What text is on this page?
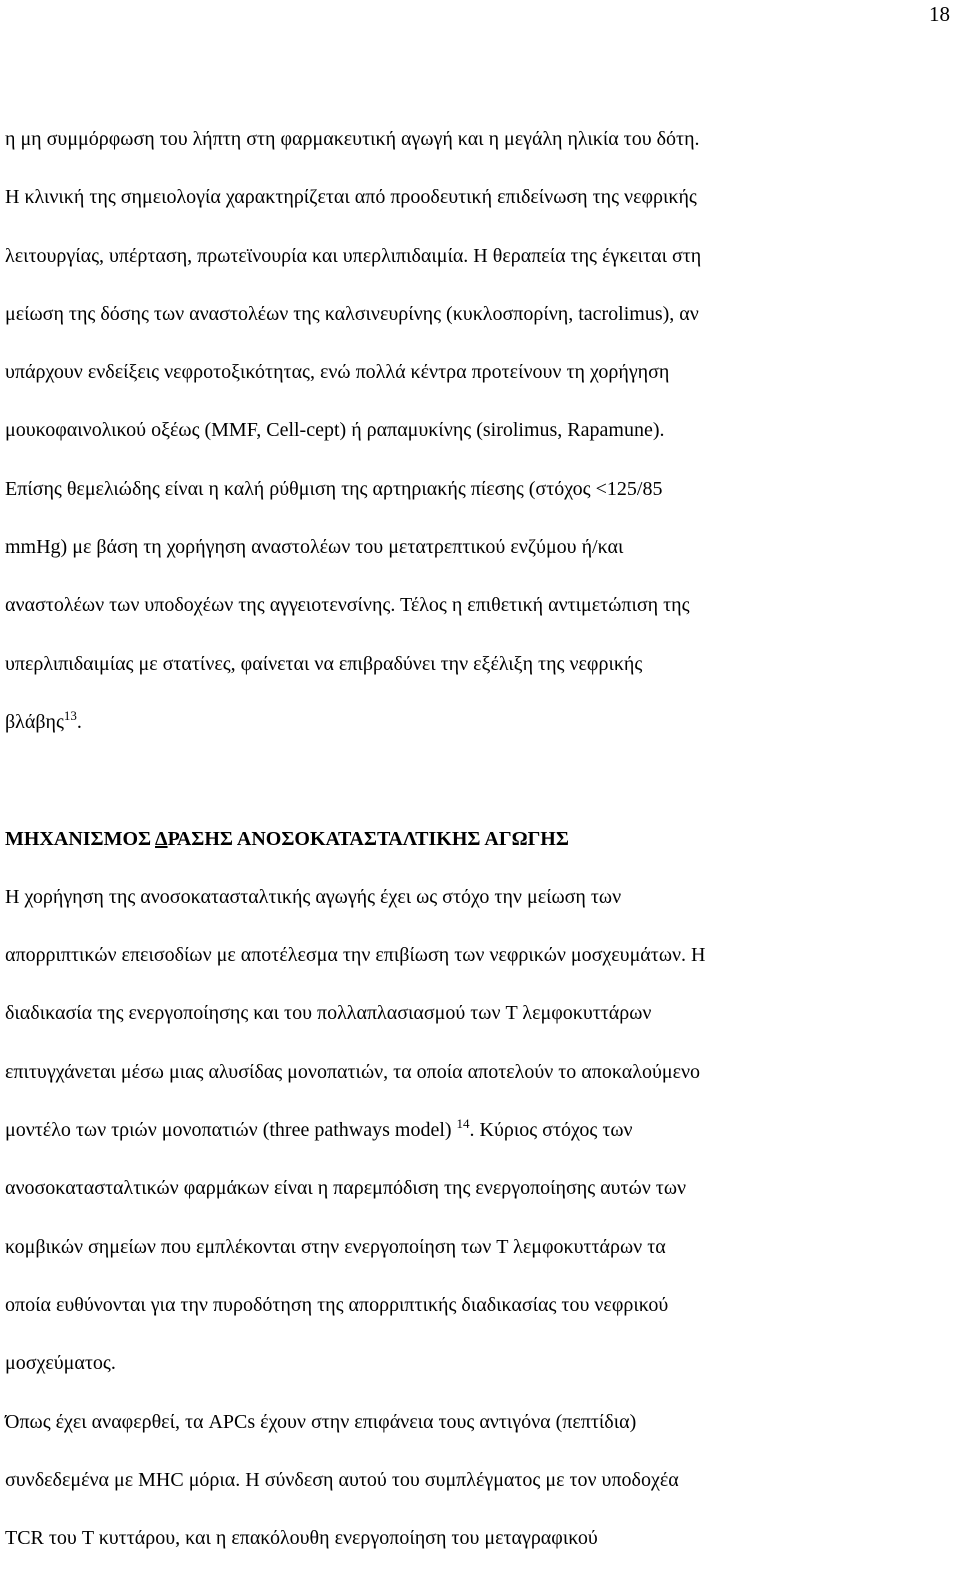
18
η μη συμμόρφωση του λήπτη στη φαρμακευτική αγωγή και η μεγάλη ηλικία του δότη.
Η κλινική της σημειολογία χαρακτηρίζεται από προοδευτική επιδείνωση της νεφρικής
λειτουργίας, υπέρταση, πρωτεϊνουρία και υπερλιπιδαιμία. Η θεραπεία της έγκειται στη
μείωση της δόσης των αναστολέων της καλσινευρίνης (κυκλοσπορίνη, tacrolimus), αν
υπάρχουν ενδείξεις νεφροτοξικότητας, ενώ πολλά κέντρα προτείνουν τη χορήγηση
μουκοφαινολικού οξέως (MMF, Cell-cept) ή ραπαμυκίνης (sirolimus, Rapamune).
Επίσης θεμελιώδης είναι η καλή ρύθμιση της αρτηριακής πίεσης (στόχος <125/85
mmHg) με βάση τη χορήγηση αναστολέων του μετατρεπτικού ενζύμου ή/και
αναστολέων των υποδοχέων της αγγειοτενσίνης. Τέλος η επιθετική αντιμετώπιση της
υπερλιπιδαιμίας με στατίνες, φαίνεται να επιβραδύνει την εξέλιξη της νεφρικής
βλάβης$^{13}$.
ΜΗΧΑΝΙΣΜΟΣ ΔΡΑΣΗΣ ΑΝΟΣΟΚΑΤΑΣΤΑΛΤΙΚΗΣ ΑΓΩΓΗΣ
Η χορήγηση της ανοσοκατασταλτικής αγωγής έχει ως στόχο την μείωση των
απορριπτικών επεισοδίων με αποτέλεσμα την επιβίωση των νεφρικών μοσχευμάτων. Η
διαδικασία της ενεργοποίησης και του πολλαπλασιασμού των T λεμφοκυττάρων
επιτυγχάνεται μέσω μιας αλυσίδας μονοπατιών, τα οποία αποτελούν το αποκαλούμενο
μοντέλο των τριών μονοπατιών (three pathways model) $^{14}$. Κύριος στόχος των
ανοσοκατασταλτικών φαρμάκων είναι η παρεμπόδιση της ενεργοποίησης αυτών των
κομβικών σημείων που εμπλέκονται στην ενεργοποίηση των T λεμφοκυττάρων τα
οποία ευθύνονται για την πυροδότηση της απορριπτικής διαδικασίας του νεφρικού
μοσχεύματος.
Όπως έχει αναφερθεί, τα APCs έχουν στην επιφάνεια τους αντιγόνα (πεπτίδια)
συνδεδεμένα με MHC μόρια. Η σύνδεση αυτού του συμπλέγματος με τον υποδοχέα
TCR του T κυττάρου, και η επακόλουθη ενεργοποίηση του μεταγραφικού
